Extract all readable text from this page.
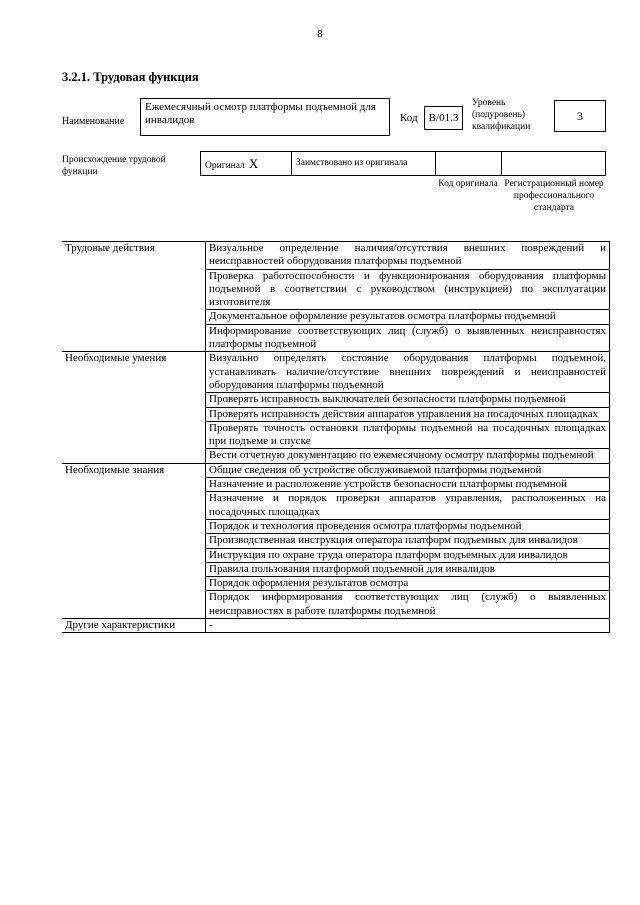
8
3.2.1. Трудовая функция
Наименование
Ежемесячный осмотр платформы подъемной для инвалидов	Код	B/01.3
Уровень (подуровень) квалификации
3
Происхождение трудовой функции
Оригинал X	Заимствовано из оригинала
Код оригинала Регистрационный номер профессионального стандарта
Трудовые действия	Визуальное определение наличия/отсутствия внешних повреждений и неисправностей оборудования платформы подъемной
	Проверка работоспособности и функционирования оборудования платформы подъемной в соответствии с руководством (инструкцией) по эксплуатации изготовителя
	Документальное оформление результатов осмотра платформы подъемной
	Информирование соответствующих лиц (служб) о выявленных неисправностях платформы подъемной
Необходимые умения	Визуально определять состояние оборудования платформы подъемной, устанавливать наличие/отсутствие внешних повреждений и неисправностей оборудования платформы подъемной
	Проверять исправность выключателей безопасности платформы подъемной
	Проверять исправность действия аппаратов управления на посадочных площадках
	Проверять точность остановки платформы подъемной на посадочных площадках при подъеме и спуске
	Вести отчетную документацию по ежемесячному осмотру платформы подъемной
Необходимые знания	Общие сведения об устройстве обслуживаемой платформы подъемной
	Назначение и расположение устройств безопасности платформы подъемной
	Назначение и порядок проверки аппаратов управления, расположенных на посадочных площадках
	Порядок и технология проведения осмотра платформы подъемной
	Производственная инструкция оператора платформ подъемных для инвалидов
	Инструкция по охране труда оператора платформ подъемных для инвалидов
	Правила пользования платформой подъемной для инвалидов
	Порядок оформления результатов осмотра
	Порядок информирования соответствующих лиц (служб) о выявленных неисправностях в работе платформы подъемной
Другие характеристики	-
